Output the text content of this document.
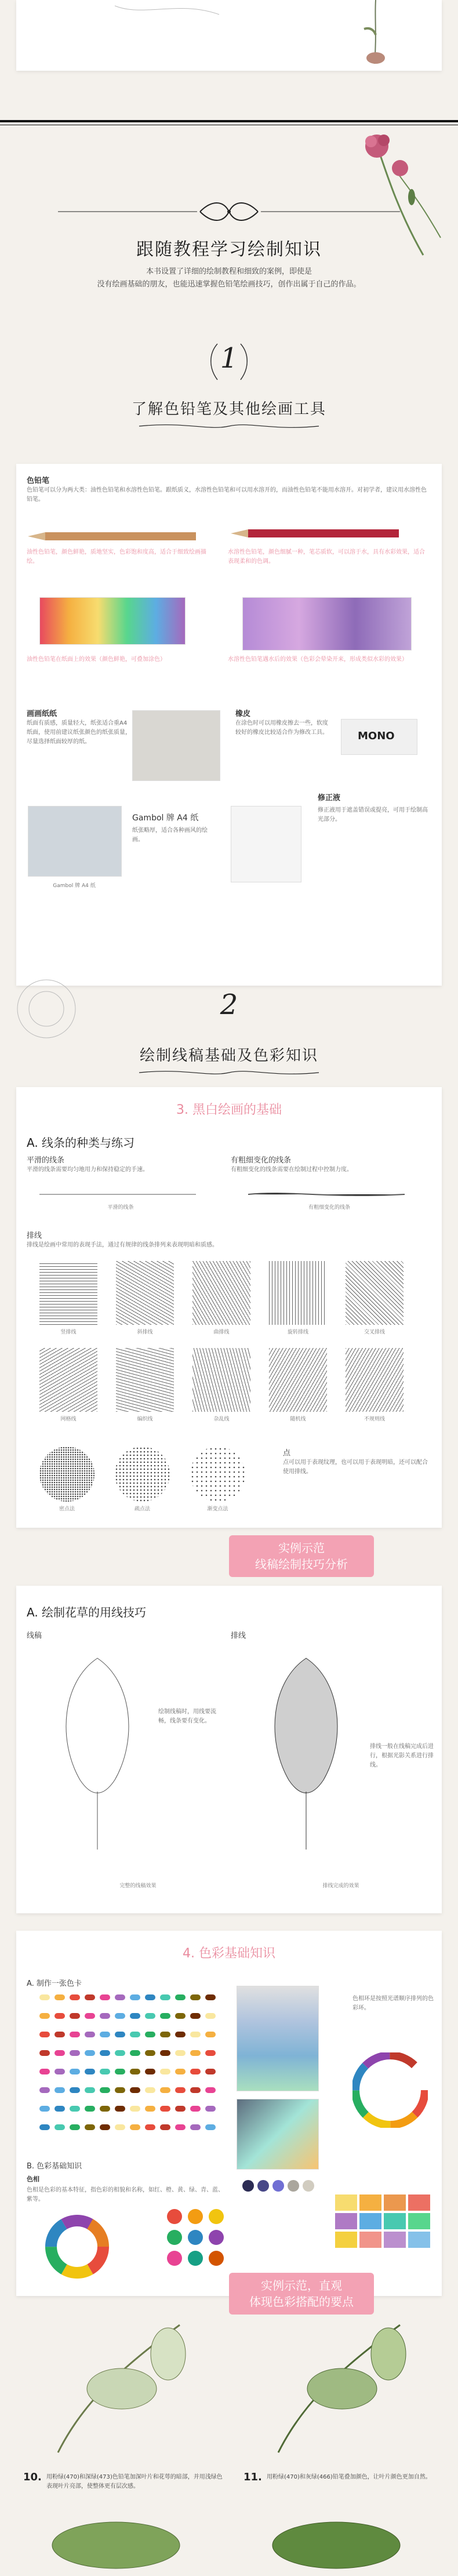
跟随教程学习绘制知识
本书设置了详细的绘制教程和细致的案例，即使是
没有绘画基础的朋友，也能迅速掌握色铅笔绘画技巧，创作出属于自己的作品。
1
了解色铅笔及其他绘画工具
色铅笔
色铅笔可以分为两大类：油性色铅笔和水溶性色铅笔。跟纸质义，水溶性色铅笔和可以用水溶开的，而油性色铅笔不能用水溶开。对初学者，建议用水溶性色铅笔。
油性色铅笔，颜色鲜艳，质地坚实，色彩饱和度高，适合于细致绘画描绘。
水溶性色铅笔，颜色细腻一种，笔芯质软，可以溶于水，具有水彩效果，适合表现柔和的色调。
油性色铅笔在纸面上的效果（颜色鲜艳，可叠加涂色）	水溶性色铅笔遇水后的效果（色彩会晕染开来，形成类似水彩的效果）
画画纸纸
纸面有质感，质量轻大，纸张适合重A4纸面，使用前建议纸张颜色的纸张质量，尽量选择纸面较厚的纸。
橡皮
在涂色时可以用橡皮擦去一些，软度较好的橡皮比较适合作为修改工具。	MONO
Gambol 牌 A4 纸
纸张略厚，适合各种画风的绘画。
Gambol 牌 A4 纸
修正液
修正液用于遮盖错误或提亮，可用于绘制高光部分。
2
绘制线稿基础及色彩知识
3. 黑白绘画的基础
A. 线条的种类与练习
平滑的线条
平滑的线条需要均匀地用力和保持稳定的手速。
有粗细变化的线条
有粗细变化的线条需要在绘制过程中控制力度。
平滑的线条	有粗细变化的线条
排线
排线是绘画中常用的表现手法，通过有规律的线条排列来表现明暗和质感。
竖排线	斜排线	曲排线	旋转排线	交叉排线
网格线	编织线	杂乱线	随机线	不规则线
点
点可以用于表现纹理，也可以用于表现明暗，还可以配合使用排线。
密点法	疏点法	渐变点法
实例示范
线稿绘制技巧分析
A. 绘制花草的用线技巧
线稿	排线
绘制线稿时，用线要流畅，线条要有变化。
排线一般在线稿完成后进行，根据光影关系进行排线。
完整的线稿效果	排线完成的效果
4. 色彩基础知识
A. 制作一张色卡
色相环是按照光谱顺序排列的色彩环。
B. 色彩基础知识
色相
色相是色彩的基本特征，指色彩的相貌和名称，如红、橙、黄、绿、青、蓝、紫等。
实例示范，直观
体现色彩搭配的要点
10. 用粉绿(470)和深绿(473)色铅笔加深叶片和花萼的暗部，并用浅绿色表现叶片亮部，使整体更有层次感。
11. 用粉绿(470)和灰绿(466)铅笔叠加颜色，让叶片颜色更加自然。
